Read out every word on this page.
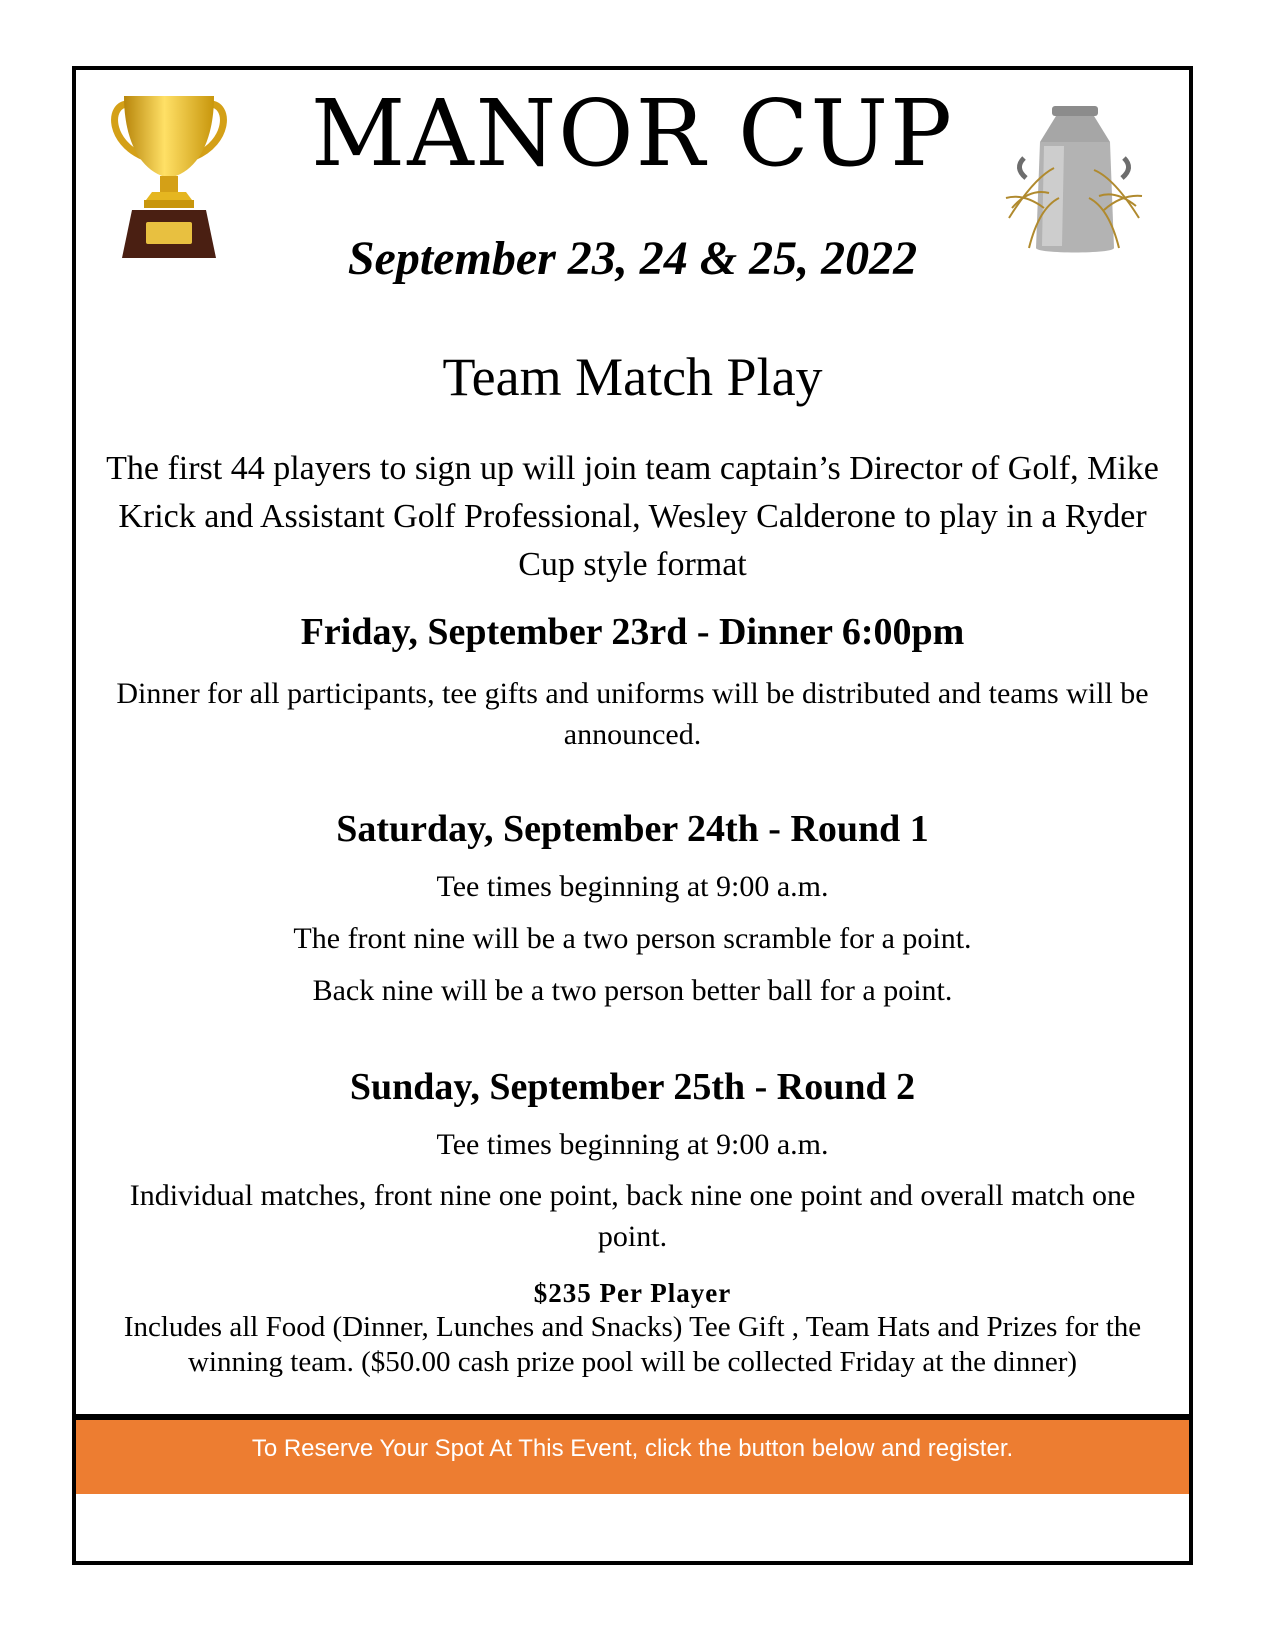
MANOR CUP
September 23, 24 & 25, 2022
Team Match Play
The first 44 players to sign up will join team captain’s Director of Golf, Mike Krick and Assistant Golf Professional, Wesley Calderone to play in a Ryder Cup style format
Friday, September 23rd - Dinner 6:00pm
Dinner for all participants, tee gifts and uniforms will be distributed and teams will be announced.
Saturday, September 24th - Round 1
Tee times beginning at 9:00 a.m.
The front nine will be a two person scramble for a point.
Back nine will be a two person better ball for a point.
Sunday, September 25th - Round 2
Tee times beginning at 9:00 a.m.
Individual matches, front nine one point, back nine one point and overall match one point.
$235 Per Player
Includes all Food (Dinner, Lunches and Snacks) Tee Gift , Team Hats and Prizes for the winning team. ($50.00 cash prize pool will be collected Friday at the dinner)
To Reserve Your Spot At This Event, click the button below and register.
